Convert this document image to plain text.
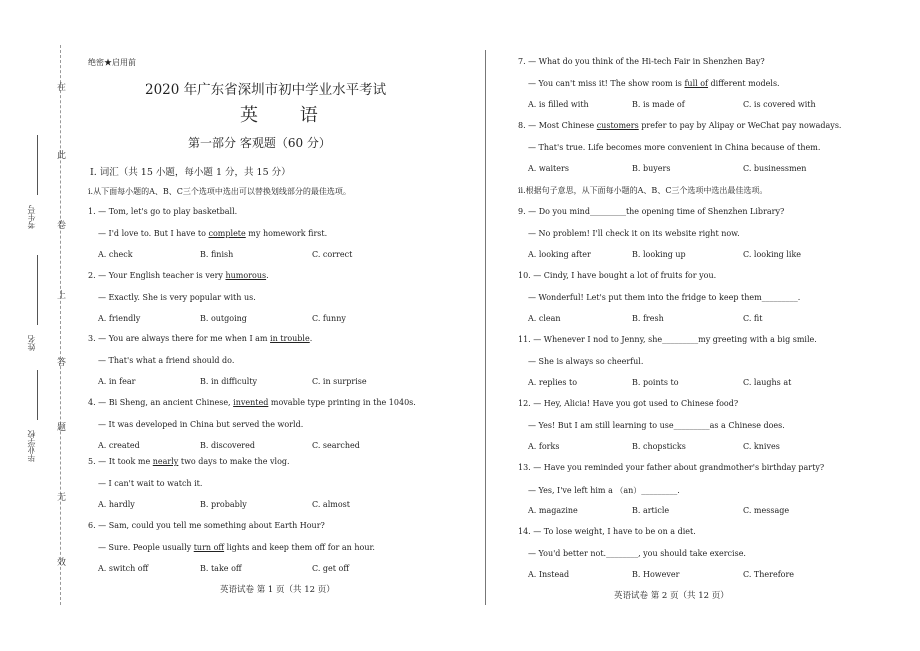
在
此
卷
上
答
题
无
效
考生号
姓名
毕业学校
绝密★启用前
2020 年广东省深圳市初中学业水平考试
英 语
第一部分 客观题（60 分）
I. 词汇（共 15 小题，每小题 1 分，共 15 分）
i.从下面每小题的A、B、C三个选项中选出可以替换划线部分的最佳选项。
1. — Tom, let's go to play basketball.
— I'd love to. But I have to complete my homework first.
A. check	B. finish	C. correct
2. — Your English teacher is very humorous.
— Exactly. She is very popular with us.
A. friendly	B. outgoing	C. funny
3. — You are always there for me when I am in trouble.
— That's what a friend should do.
A. in fear	B. in difficulty	C. in surprise
4. — Bi Sheng, an ancient Chinese, invented movable type printing in the 1040s.
— It was developed in China but served the world.
A. created	B. discovered	C. searched
5. — It took me nearly two days to make the vlog.
— I can't wait to watch it.
A. hardly	B. probably	C. almost
6. — Sam, could you tell me something about Earth Hour?
— Sure. People usually turn off lights and keep them off for an hour.
A. switch off	B. take off	C. get off
7. — What do you think of the Hi-tech Fair in Shenzhen Bay?
— You can't miss it! The show room is full of different models.
A. is filled with	B. is made of	C. is covered with
8. — Most Chinese customers prefer to pay by Alipay or WeChat pay nowadays.
— That's true. Life becomes more convenient in China because of them.
A. waiters	B. buyers	C. businessmen
9. — Do you mind_________the opening time of Shenzhen Library?
— No problem! I'll check it on its website right now.
A. looking after	B. looking up	C. looking like
10. — Cindy, I have bought a lot of fruits for you.
— Wonderful! Let's put them into the fridge to keep them_________.
A. clean	B. fresh	C. fit
11. — Whenever I nod to Jenny, she_________my greeting with a big smile.
— She is always so cheerful.
A. replies to	B. points to	C. laughs at
12. — Hey, Alicia! Have you got used to Chinese food?
— Yes! But I am still learning to use_________as a Chinese does.
A. forks	B. chopsticks	C. knives
13. — Have you reminded your father about grandmother's birthday party?
— Yes, I've left him a （an）_________.
A. magazine	B. article	C. message
14. — To lose weight, I have to be on a diet.
— You'd better not.________, you should take exercise.
A. Instead	B. However	C. Therefore
ii.根据句子意思，从下面每小题的A、B、C三个选项中选出最佳选项。
英语试卷 第 1 页（共 12 页）
英语试卷 第 2 页（共 12 页）
